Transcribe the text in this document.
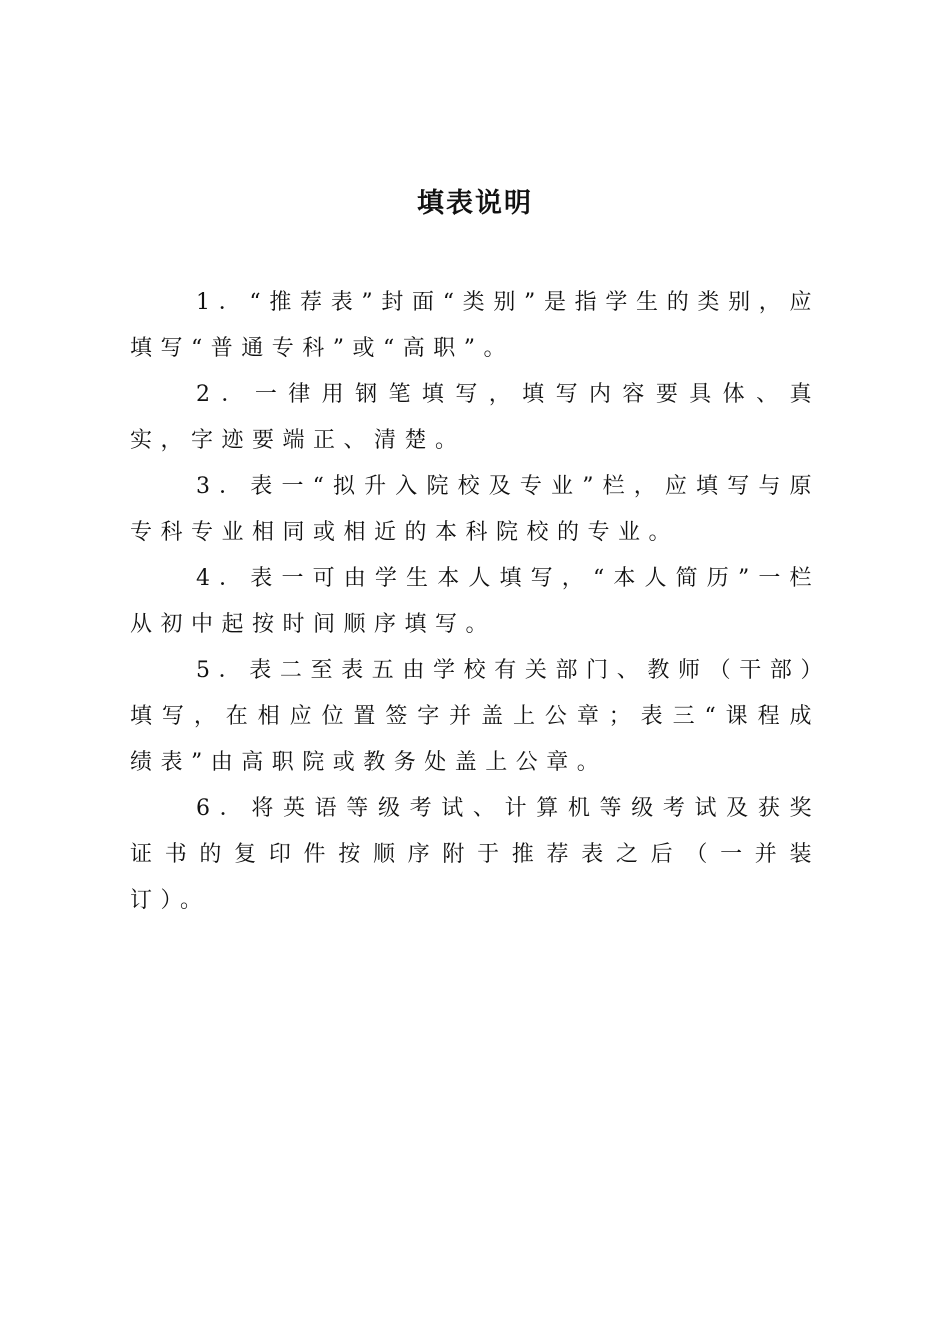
填表说明

1．“推荐表”封面“类别”是指学生的类别，应填写“普通专科”或“高职”。

2．一律用钢笔填写，填写内容要具体、真实，字迹要端正、清楚。

3．表一“拟升入院校及专业”栏，应填写与原专科专业相同或相近的本科院校的专业。

4．表一可由学生本人填写，“本人简历”一栏从初中起按时间顺序填写。

5．表二至表五由学校有关部门、教师（干部）填写，在相应位置签字并盖上公章；表三“课程成绩表”由高职院或教务处盖上公章。

6．将英语等级考试、计算机等级考试及获奖证书的复印件按顺序附于推荐表之后（一并装订）。
